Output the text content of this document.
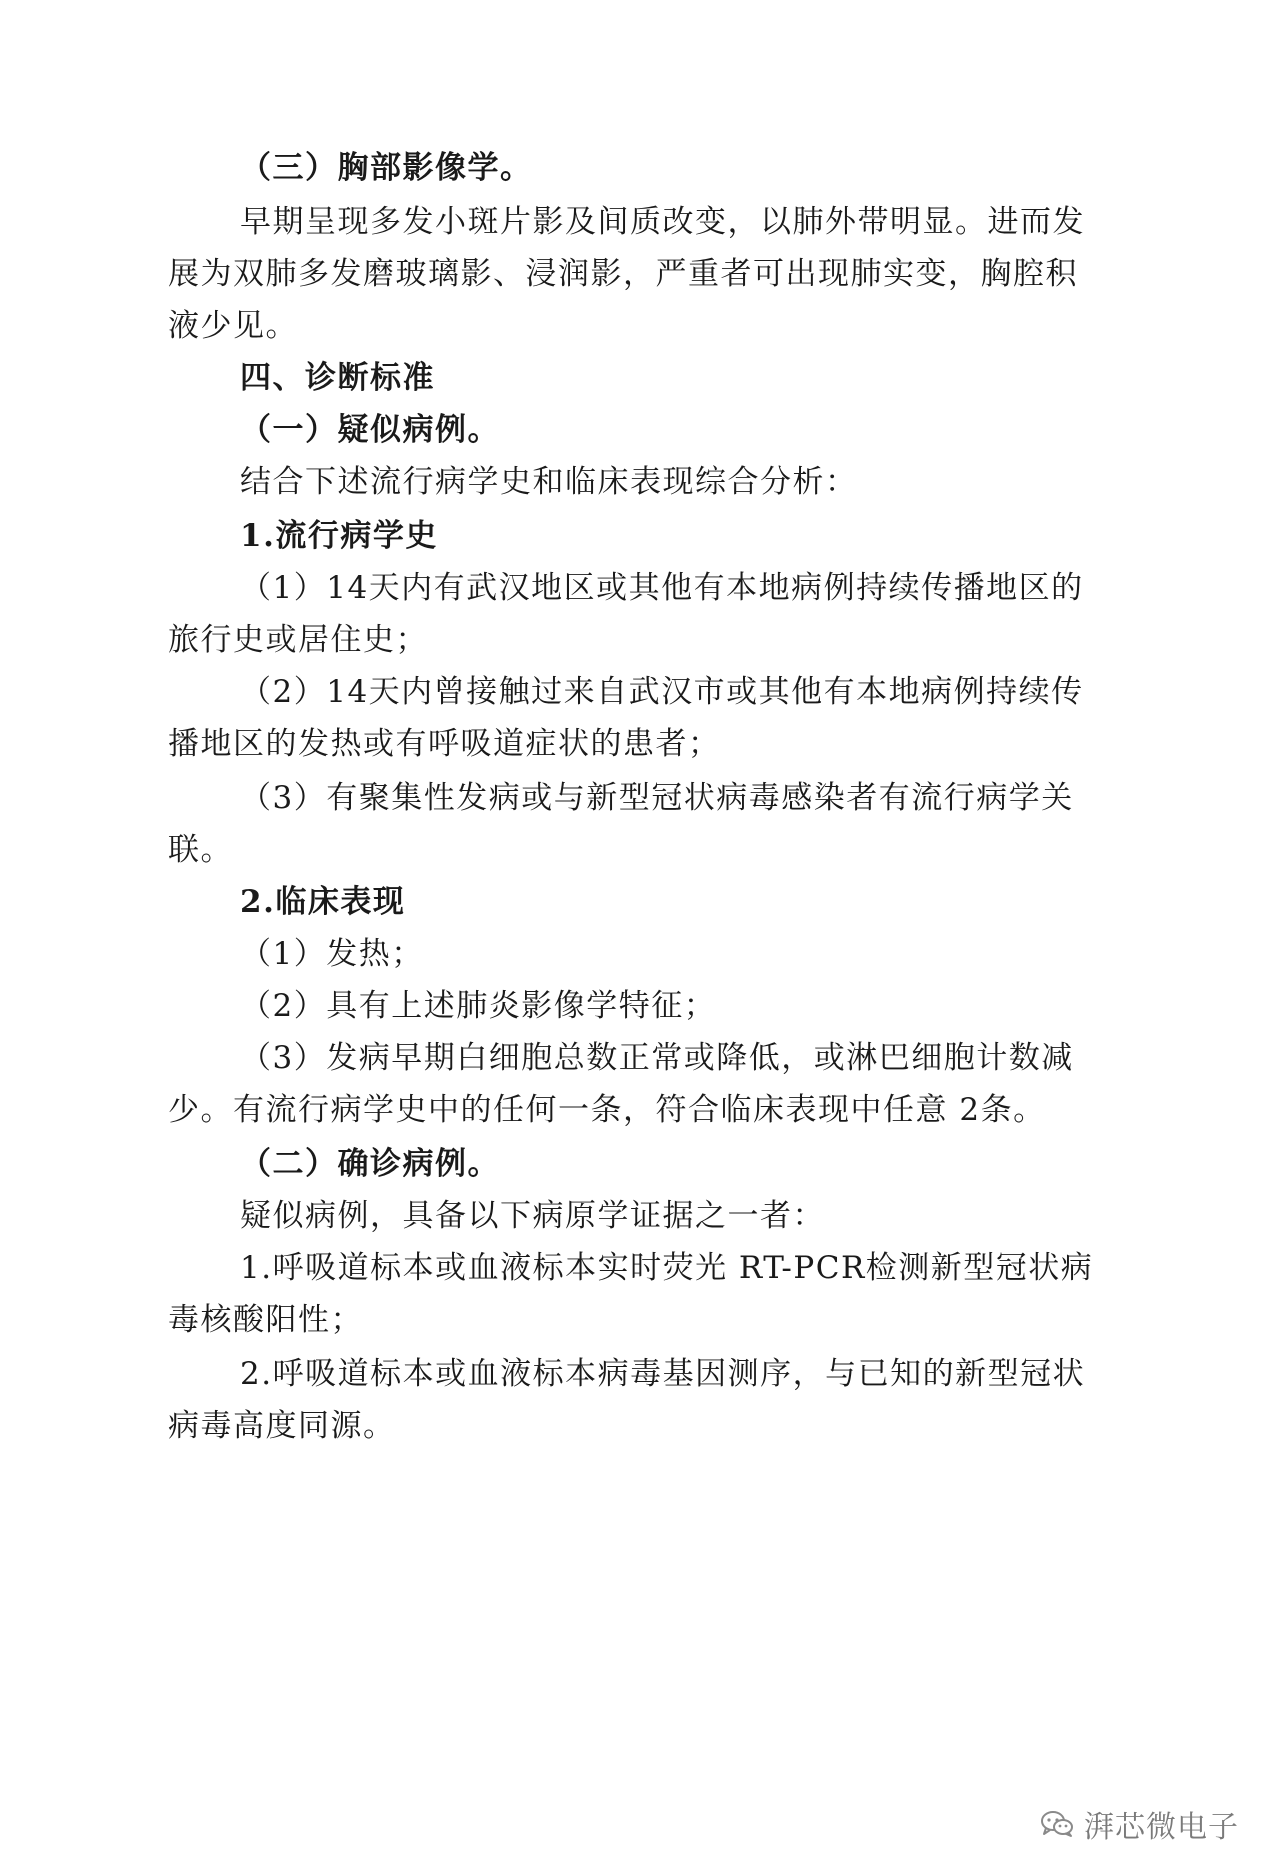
（三）胸部影像学。
早期呈现多发小斑片影及间质改变，以肺外带明显。进而发
展为双肺多发磨玻璃影、浸润影，严重者可出现肺实变，胸腔积
液少见。
四、诊断标准
（一）疑似病例。
结合下述流行病学史和临床表现综合分析：
1.流行病学史
（1）14天内有武汉地区或其他有本地病例持续传播地区的
旅行史或居住史；
（2）14天内曾接触过来自武汉市或其他有本地病例持续传
播地区的发热或有呼吸道症状的患者；
（3）有聚集性发病或与新型冠状病毒感染者有流行病学关
联。
2.临床表现
（1）发热；
（2）具有上述肺炎影像学特征；
（3）发病早期白细胞总数正常或降低，或淋巴细胞计数减
少。有流行病学史中的任何一条，符合临床表现中任意 2条。
（二）确诊病例。
疑似病例，具备以下病原学证据之一者：
1.呼吸道标本或血液标本实时荧光 RT-PCR检测新型冠状病
毒核酸阳性；
2.呼吸道标本或血液标本病毒基因测序，与已知的新型冠状
病毒高度同源。
湃芯微电子
